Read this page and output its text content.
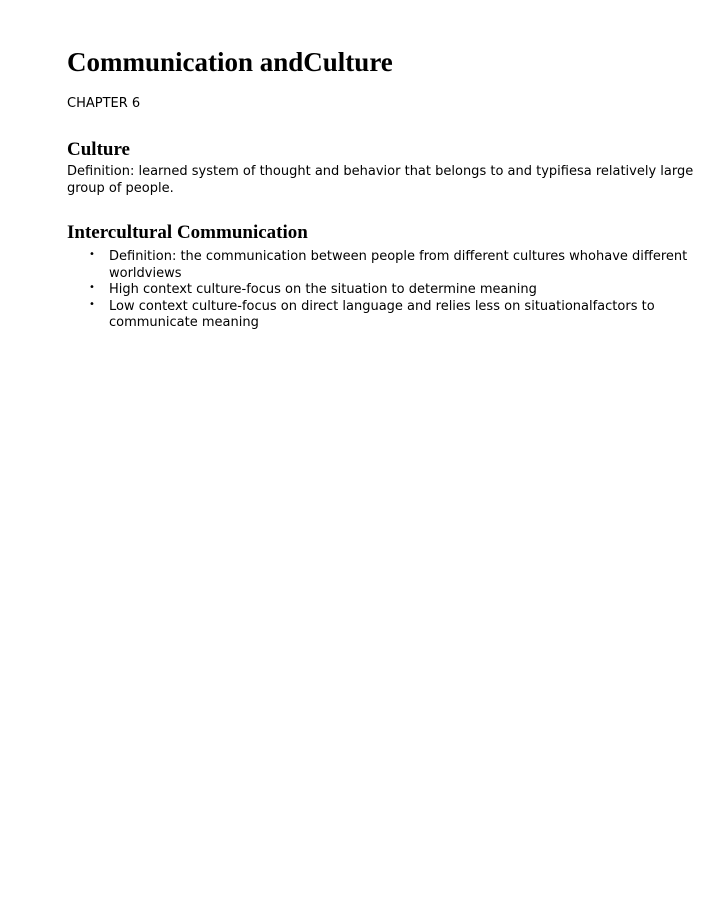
Communication andCulture

CHAPTER 6

Culture

Definition: learned system of thought and behavior that belongs to and typifiesa relatively large group of people.

Intercultural Communication
• Definition: the communication between people from different cultures whohave different worldviews
• High context culture-focus on the situation to determine meaning
• Low context culture-focus on direct language and relies less on situationalfactors to communicate meaning
